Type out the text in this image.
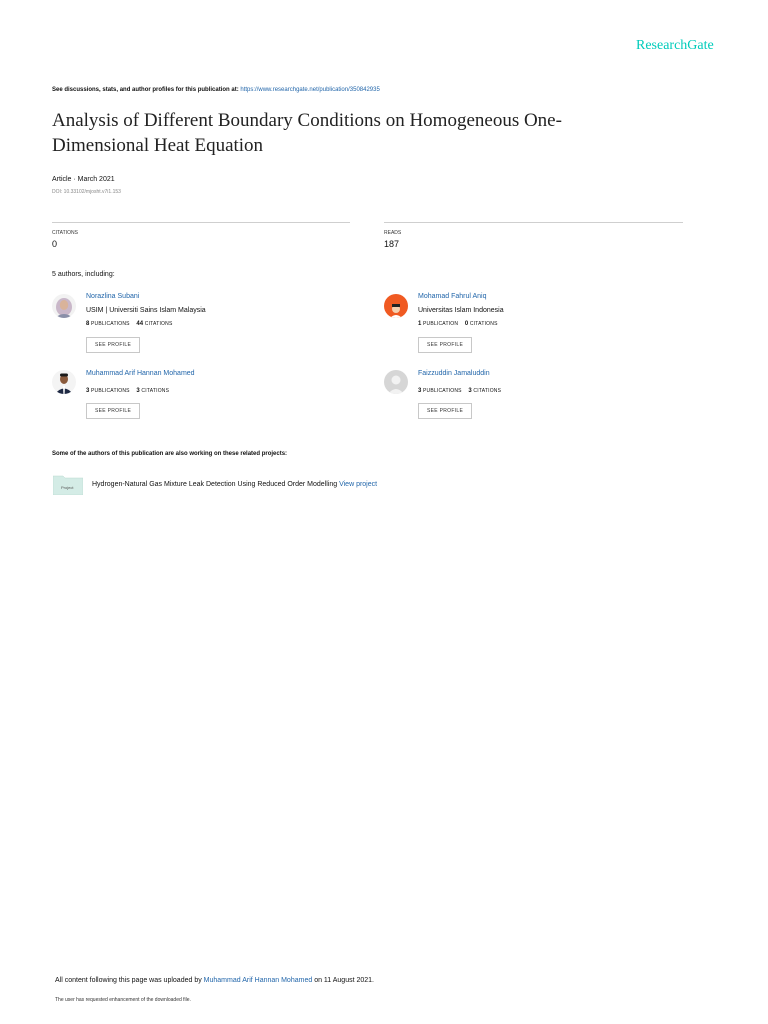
ResearchGate
See discussions, stats, and author profiles for this publication at: https://www.researchgate.net/publication/350842935
Analysis of Different Boundary Conditions on Homogeneous One-Dimensional Heat Equation
Article · March 2021
DOI: 10.33102/mjosht.v7i1.153
CITATIONS
0
READS
187
5 authors, including:
Norazlina Subani
USIM | Universiti Sains Islam Malaysia
8 PUBLICATIONS 44 CITATIONS
SEE PROFILE
Mohamad Fahrul Aniq
Universitas Islam Indonesia
1 PUBLICATION 0 CITATIONS
SEE PROFILE
Muhammad Arif Hannan Mohamed
3 PUBLICATIONS 3 CITATIONS
SEE PROFILE
Faizzuddin Jamaluddin
3 PUBLICATIONS 3 CITATIONS
SEE PROFILE
Some of the authors of this publication are also working on these related projects:
Project	Hydrogen-Natural Gas Mixture Leak Detection Using Reduced Order Modelling View project
All content following this page was uploaded by Muhammad Arif Hannan Mohamed on 11 August 2021.
The user has requested enhancement of the downloaded file.
